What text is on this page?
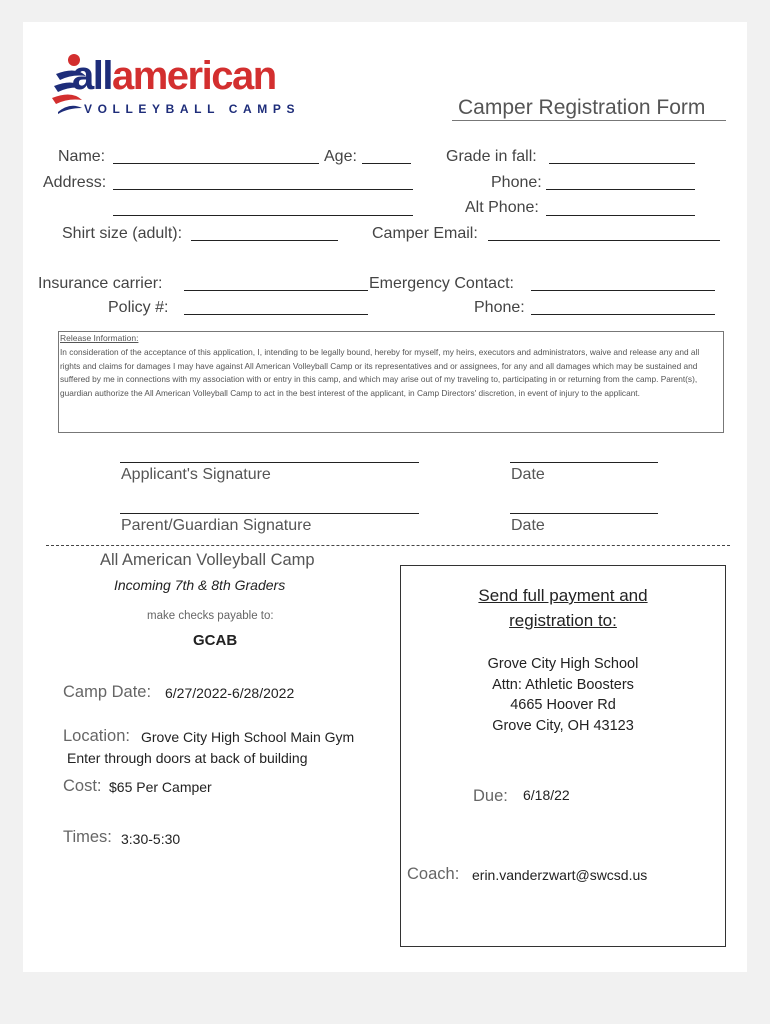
allamerican
VOLLEYBALL CAMPS	Camper Registration Form
Name:	Age:	Grade in fall:
Address:	Phone:
Alt Phone:
Shirt size (adult):	Camper Email:
Insurance carrier:	Emergency Contact:
Policy #:	Phone:
Release Information:
In consideration of the acceptance of this application, I, intending to be legally bound, hereby for myself, my heirs, executors and administrators, waive and release any and all rights and claims for damages I may have against All American Volleyball Camp or its representatives and or assignees, for any and all damages which may be sustained and suffered by me in connections with my association with or entry in this camp, and which may arise out of my traveling to, participating in or returning from the camp. Parent(s), guardian authorize the All American Volleyball Camp to act in the best interest of the applicant, in Camp Directors' discretion, in event of injury to the applicant.
Applicant's Signature	Date
Parent/Guardian Signature	Date
All American Volleyball Camp
Incoming 7th & 8th Graders
make checks payable to:
GCAB
Camp Date: 6/27/2022-6/28/2022
Location: Grove City High School Main Gym
Enter through doors at back of building
Cost: $65 Per Camper
Times: 3:30-5:30
Send full payment and
registration to:
Grove City High School
Attn: Athletic Boosters
4665 Hoover Rd
Grove City, OH 43123
Due: 6/18/22
Coach: erin.vanderzwart@swcsd.us
